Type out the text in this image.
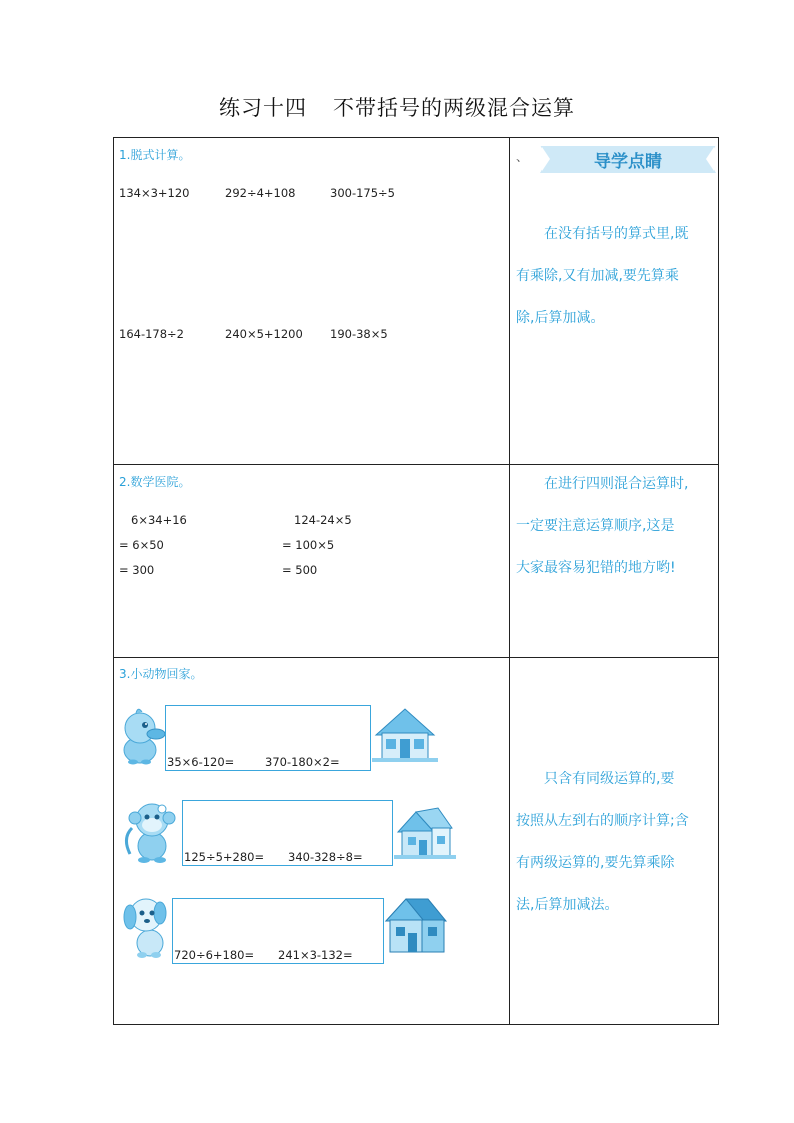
练习十四 不带括号的两级混合运算
、	导学点睛
1.脱式计算。
134×3+120	292÷4+108	300-175÷5
164-178÷2	240×5+1200 190-38×5
2.数学医院。
6×34+16
= 6×50
= 300
124-24×5
= 100×5
= 500
3.小动物回家。
35×6-120=	370-180×2=
125÷5+280= 340-328÷8=
720÷6+180= 241×3-132=
　　在没有括号的算式里,既
有乘除,又有加减,要先算乘
除,后算加减。
　　在进行四则混合运算时,
一定要注意运算顺序,这是
大家最容易犯错的地方哟!
　　只含有同级运算的,要
按照从左到右的顺序计算;含
有两级运算的,要先算乘除
法,后算加减法。
